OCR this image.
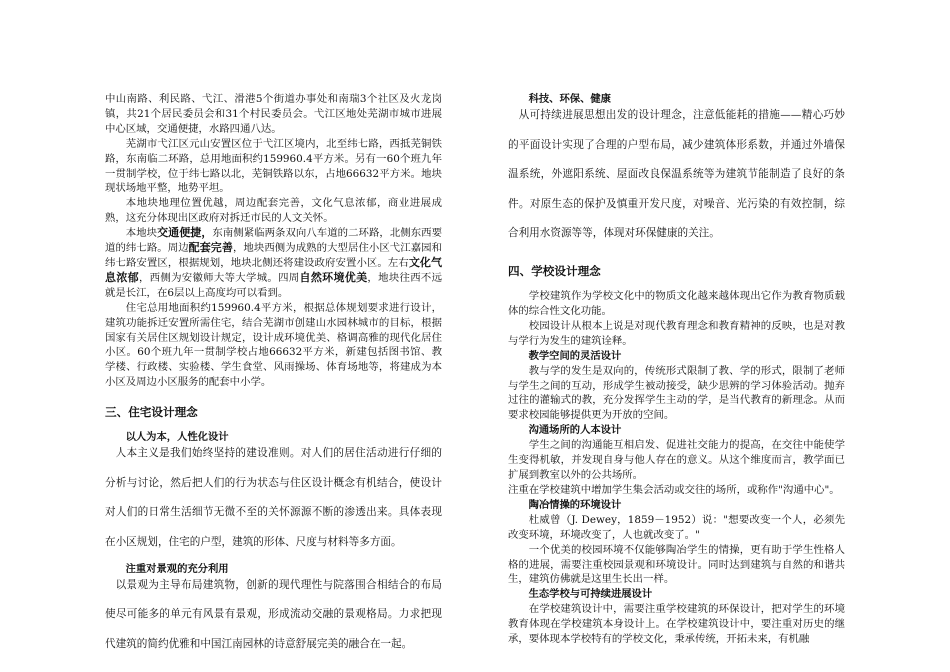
中山南路、利民路、弋江、滑港5个街道办事处和南瑞3个社区及火龙岗镇，共21个居民委员会和31个村民委员会。弋江区地处芜湖市城市进展中心区域，交通便捷，水路四通八达。

芜湖市弋江区元山安置区位于弋江区境内，北至纬七路，西抵芜铜铁路，东南临二环路，总用地面积约159960.4平方米。另有一60个班九年一贯制学校，位于纬七路以北，芜铜铁路以东，占地66632平方米。地块现状场地平整，地势平坦。

本地块地理位置优越，周边配套完善，文化气息浓郁，商业进展成熟，这充分体现出区政府对拆迁市民的人文关怀。

本地块交通便捷，东南侧紧临两条双向八车道的二环路，北侧东西要道的纬七路。周边配套完善，地块西侧为成熟的大型居住小区弋江嘉园和纬七路安置区，根据规划，地块北侧还将建设政府安置小区。左右文化气息浓郁，西侧为安徽师大等大学城。四周自然环境优美，地块往西不远就是长江，在6层以上高度均可以看到。

住宅总用地面积约159960.4平方米，根据总体规划要求进行设计，建筑功能拆迁安置所需住宅，结合芜湖市创建山水园林城市的目标，根据国家有关居住区规划设计规定，设计成环境优美、格调高雅的现代化居住小区。60个班九年一贯制学校占地66632平方米，新建包括图书馆、教学楼、行政楼、实验楼、学生食堂、风雨操场、体育场地等，将建成为本小区及周边小区服务的配套中小学。

三、住宅设计理念
以人为本，人性化设计

人本主义是我们始终坚持的建设准则。对人们的居住活动进行仔细的分析与讨论，然后把人们的行为状态与住区设计概念有机结合，使设计对人们的日常生活细节无微不至的关怀源源不断的渗透出来。具体表现在小区规划，住宅的户型，建筑的形体、尺度与材料等多方面。

注重对景观的充分利用

以景观为主导布局建筑物，创新的现代理性与院落围合相结合的布局使尽可能多的单元有风景有景观，形成流动交融的景观格局。力求把现代建筑的简约优雅和中国江南园林的诗意舒展完美的融合在一起。

科技、环保、健康

从可持续进展思想出发的设计理念，注意低能耗的措施——精心巧妙的平面设计实现了合理的户型布局，减少建筑体形系数，并通过外墙保温系统，外遮阳系统、屋面改良保温系统等为建筑节能制造了良好的条件。对原生态的保护及慎重开发尺度，对噪音、光污染的有效控制，综合利用水资源等等，体现对环保健康的关注。

四、学校设计理念

学校建筑作为学校文化中的物质文化越来越体现出它作为教育物质载体的综合性文化功能。

校园设计从根本上说是对现代教育理念和教育精神的反映，也是对教与学行为发生的建筑诠释。

教学空间的灵活设计

教与学的发生是双向的，传统形式限制了教、学的形式，限制了老师与学生之间的互动，形成学生被动接受，缺少思辨的学习体验活动。抛弃过往的灌输式的教，充分发挥学生主动的学，是当代教育的新理念。从而要求校园能够提供更为开放的空间。

沟通场所的人本设计

学生之间的沟通能互相启发、促进社交能力的提高，在交往中能使学生变得机敏，并发现自身与他人存在的意义。从这个维度而言，教学面已扩展到教室以外的公共场所。

注重在学校建筑中增加学生集会活动或交往的场所，或称作"沟通中心"。

陶冶情操的环境设计

杜威曾（J. Dewey，1859－1952）说："想要改变一个人，必须先改变环境，环境改变了，人也就改变了。"

一个优美的校园环境不仅能够陶冶学生的情操，更有助于学生性格人格的进展，需要注重校园景观和环境设计。同时达到建筑与自然的和谐共生，建筑仿佛就是这里生长出一样。

生态学校与可持续进展设计

在学校建筑设计中，需要注重学校建筑的环保设计，把对学生的环境教育体现在学校建筑本身设计上。在学校建筑设计中，要注重对历史的继承，要体现本学校特有的学校文化，秉承传统，开拓未来，有机融
